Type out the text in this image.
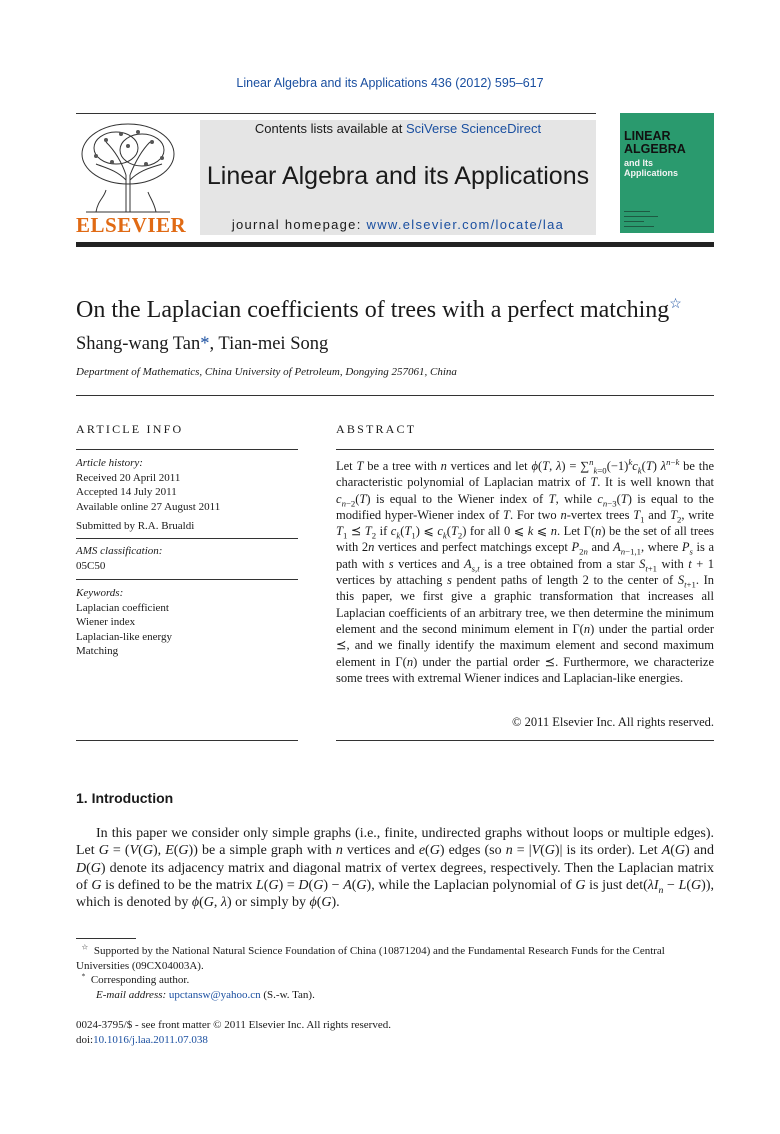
Linear Algebra and its Applications 436 (2012) 595–617
ELSEVIER
Contents lists available at SciVerse ScienceDirect
Linear Algebra and its Applications
journal homepage: www.elsevier.com/locate/laa
LINEAR
ALGEBRA
and Its
Applications
On the Laplacian coefficients of trees with a perfect matching☆
Shang-wang Tan*, Tian-mei Song
Department of Mathematics, China University of Petroleum, Dongying 257061, China
ARTICLE INFO	ABSTRACT
Article history:
Received 20 April 2011
Accepted 14 July 2011
Available online 27 August 2011
Submitted by R.A. Brualdi
AMS classification:
05C50
Keywords:
Laplacian coefficient
Wiener index
Laplacian-like energy
Matching
Let T be a tree with n vertices and let ϕ(T, $\lambda) = \sum^n_{k=0}(-1)^kc_k(T)$ $\lambda^{n-k}$ be the characteristic polynomial of Laplacian matrix of T. It is well known that $c_{n-2}(T)$ is equal to the Wiener index of T, while $c_{n-3}(T)$ is equal to the modified hyper-Wiener index of T. For two n-vertex trees $T_1$ and $T_2$, write $T_1$ ⪯ $T_2$ if $c_k(T_1)$ ⩽ $c_k(T_2)$ for all 0 ⩽ k ⩽ n. Let Γ(n) be the set of all trees with 2n vertices and perfect matchings except $P_{2n}$ and $A_{n-1,1}$, where $P_s$ is a path with s vertices and $A_{s,t}$ is a tree obtained from a star $S_{t+1}$ with t + 1 vertices by attaching s pendent paths of length 2 to the center of $S_{t+1}$. In this paper, we first give a graphic transformation that increases all Laplacian coefficients of an arbitrary tree, we then determine the minimum element and the second minimum element in Γ(n) under the partial order ⪯, and we finally identify the maximum element and second maximum element in Γ(n) under the partial order ⪯. Furthermore, we characterize some trees with extremal Wiener indices and Laplacian-like energies.
© 2011 Elsevier Inc. All rights reserved.
1. Introduction
In this paper we consider only simple graphs (i.e., finite, undirected graphs without loops or multiple edges). Let G = (V(G), E(G)) be a simple graph with n vertices and e(G) edges (so n = |V(G)| is its order). Let A(G) and D(G) denote its adjacency matrix and diagonal matrix of vertex degrees, respectively. Then the Laplacian matrix of G is defined to be the matrix L(G) = D(G) − A(G), while the Laplacian polynomial of G is just $\det(\lambda I_n - L(G))$, which is denoted by ϕ(G, λ) or simply by ϕ(G).

☆ Supported by the National Natural Science Foundation of China (10871204) and the Fundamental Research Funds for the Central Universities (09CX04003A).

* Corresponding author.

E-mail address: upctansw@yahoo.cn (S.-w. Tan).

0024-3795/$ - see front matter © 2011 Elsevier Inc. All rights reserved.

doi:10.1016/j.laa.2011.07.038
